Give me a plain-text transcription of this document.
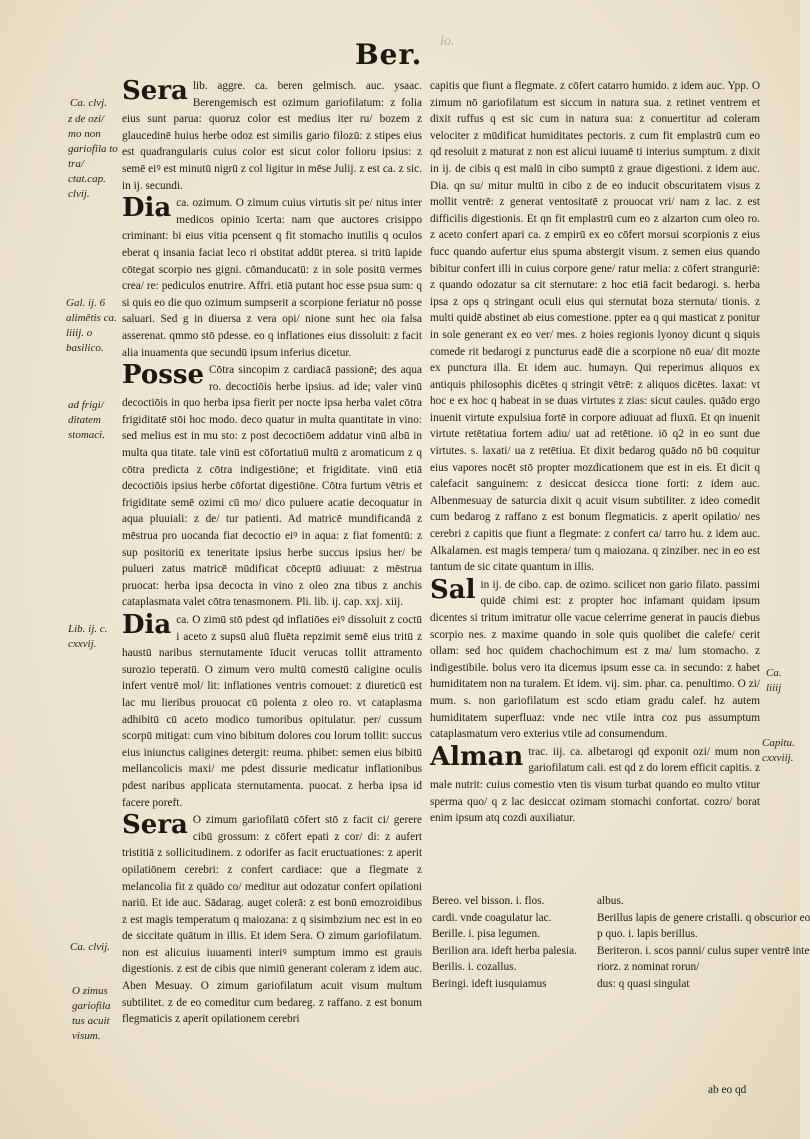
Ber. lo.
Ca. clvj.
z de ozi/ mo non gariofila to tra/ ctat.cap. clvij.
Gal. ij. 6 alimētis ca. liiij. o basilico.
ad frigi/ ditatem stomaci.
Lib. ij. c. cxxvij.
Ca. clvij.
O zimus gariofila tus acuit visum.
Ca. liiij
Capitu. cxxviij.

Sera lib. aggre. ca. beren gelmisch. auc. ysaac. Berengemisch est ozimum gariofilatum: z folia eius sunt parua: quoruz color est medius iter ru/ bozem z glaucedinē huius herbe odoz est similis gario filozū: z stipes eius est quadrangularis cuius color est sicut color folioru ipsius: z semē eiꝰ est minutū nigrū z col ligitur in mēse Julij. z est ca. z sic. in ij. secundi.

Dia ca. ozimum. O zimum cuius virtutis sit pe/ nitus inter medicos opinio īcerta: nam que auctores crisippo criminant: bi eius vitia pcensent q fit stomacho inutilis q oculos eberat q insania faciat leco ri obstitat addūt pterea. si tritū lapide cōtegat scorpio nes gigni. cōmanducatū: z in sole positū vermes crea/ re: pediculos enutrire. Affri. etiā putant hoc esse psua sum: q si quis eo die quo ozimum sumpserit a scorpione feriatur nō posse saluari. Sed g in diuersa z vera opi/ nione sunt hec oia falsa asserenat. qmmo stō pdesse. eo q inflationes eius dissoluit: z facit alia inuamenta que secundū ipsum inferius dicetur.

Posse Cōtra sincopim z cardiacā passionē; des aqua ro. decoctiōis herbe ipsius. ad ide; valer vinū decoctiōis in quo herba ipsa fierit per nocte ipsa herba valet cōtra frigiditatē stōi hoc modo. deco quatur in multa quantitate in vino: sed melius est in mu sto: z post decoctiōem addatur vinū albū in multa qua titate. tale vinū est cōfortatiuū multū z aromaticum z q cōtra predicta z cōtra indigestiōne; et frigiditate. vinū etiā decoctiōis ipsius herbe cōfortat digestiōne. Cōtra furtum vētris et frigiditate semē ozimi cū mo/ dico puluere acatie decoquatur in aqua pluuiali: z de/ tur patienti. Ad matricē mundificandā z mēstrua pro uocanda fiat decoctio eiꝰ in aqua: z fiat fomentū: z sup positoriū ex teneritate ipsius herbe succus ipsius her/ be pulueri zatus matricē mūdificat cōceptū adiuuat: z mēstrua pruocat: herba ipsa decocta in vino z oleo zna tibus z anchis cataplasmata valet cōtra tenasmonem. Pli. lib. ij. cap. xxj. xiij.

Dia ca. O zimū stō pdest qd inflatiōes eiꝰ dissoluit z coctū i aceto z supsū aluū fluēta repzimit semē eius tritū z haustū naribus sternutamente īducit verucas tollit attramento surozio teperatū. O zimum vero multū comestū caligine oculis infert ventrē mol/ lit: inflationes ventris comouet: z diureticū est lac mu lieribus prouocat cū polenta z oleo ro. vt cataplasma adhibitū cū aceto modico tumoribus opitulatur. per/ cussum scorpū mitigat: cum vino bibitum dolores cou lorum tollit: succus eius iniunctus caligines detergit: reuma. phibet: semen eius bibitū mellancolicis maxi/ me pdest dissurie medicatur inflationibus pdest naribus applicata sternutamenta. puocat. z herba ipsa id facere poreft.

Sera O zimum gariofilatū cōfert stō z facit ci/ gerere cibū grossum: z cōfert epati z cor/ di: z aufert tristitiā z sollicitudinem. z odorifer as facit eructuationes: z aperit opilatiōnem cerebri: z confert cardiace: que a flegmate z melancolia fit z quādo co/ meditur aut odozatur confert opilationi nariū. Et ide auc. Sādarag. auget colerā: z est bonū emozroidibus z est magis temperatum q maiozana: z q sisimbzium nec est in eo de siccitate quātum in illis. Et idem Sera. O zimum gariofilatum. non est alicuius iuuamenti interiꝰ sumptum immo est grauis digestionis. z est de cibis que nimiū generant coleram z idem auc. Aben Mesuay. O zimum gariofilatum acuit visum multum subtilitet. z de eo comeditur cum bedareg. z raffano. z est bonum flegmaticis z aperit opilationem cerebri

capitis que fiunt a flegmate. z cōfert catarro humido. z idem auc. Ypp. O zimum nō gariofilatum est siccum in natura sua. z retinet ventrem et dixit ruffus q est sic cum in natura sua: z conuertitur ad coleram velociter z mūdificat humiditates pectoris. z cum fit emplastrū cum eo qd resoluit z maturat z non est alicui iuuamē ti interius sumptum. z dixit in ij. de cibis q est malū in cibo sumptū z graue digestioni. z idem auc. Dia. qn su/ mitur multū in cibo z de eo inducit obscuritatem visus z mollit ventrē: z generat ventositatē z prouocat vri/ nam z lac. z est difficilis digestionis. Et qn fit emplastrū cum eo z alzarton cum oleo ro. z aceto confert apari ca. z empirū ex eo cōfert morsui scorpionis z eius fucc quando aufertur eius spuma abstergit visum. z semen eius quando bibitur confert illi in cuius corpore gene/ ratur melia: z cōfert stranguriē: z quando odozatur sa cit sternutare: z hoc etiā facit bedarogi. s. herba ipsa z ops q stringant oculi eius qui sternutat boza sternuta/ tionis. z multi quidē abstinet ab eius comestione. ppter ea q qui masticat z ponitur in sole generant ex eo ver/ mes. z hoies regionis lyonoy dicunt q siquis comede rit bedarogi z puncturus eadē die a scorpione nō eua/ dit mozte ex punctura illa. Et idem auc. humayn. Qui reperimus aliquos ex antiquis philosophis dicētes q stringit vētrē: z aliquos dicētes. laxat: vt hoc e ex hoc q habeat in se duas virtutes z zias: sicut caules. quādo ergo inuenit virtute expulsiua fortē in corpore adiuuat ad fluxū. Et qn inuenit virtute retētatiua fortem adiu/ uat ad retētione. iō q2 in eo sunt due virtutes. s. laxati/ ua z retētiua. Et dixit bedarog quādo nō bū coquitur eius vapores nocēt stō propter mozdicationem que est in eis. Et dicit q calefacit sanguinem: z desiccat desicca tione forti: z idem auc. Albenmesuay de saturcia dixit q acuit visum subtiliter. z ideo comedit cum bedarog z raffano z est bonum flegmaticis. z aperit opilatio/ nes cerebri z capitis que fiunt a flegmate: z confert ca/ tarro hu. z idem auc. Alkalamen. est magis tempera/ tum q maiozana. q zinziber. nec in eo est tantum de sic citate quantum in illis.

Sal in ij. de cibo. cap. de ozimo. scilicet non gario filato. passimi quidē chimi est: z propter hoc infamant quidam ipsum dicentes si tritum imitratur olle vacue celerrime generat in paucis diebus scorpio nes. z maxime quando in sole quis quolibet die calefe/ cerit ollam: sed hoc quidem chachochimum est z ma/ lum stomacho. z indigestibile. bolus vero ita dicemus ipsum esse ca. in secundo: z habet humiditatem non na turalem. Et idem. vij. sim. phar. ca. penultimo. O zi/ mum. s. non gariofilatum est scdo etiam gradu calef. hz autem humiditatem superfluaz: vnde nec vtile intra coz pus assumptum cataplasmatum vero exterius vtile ad consumendum.

Alman trac. iij. ca. albetarogi qd exponit ozi/ mum non gariofilatum cali. est qd z do lorem efficit capitis. z male nutrit: cuius comestio vten tis visum turbat quando eo multo vtitur sperma quo/ q z lac desiccat ozimam stomachi confortat. cozro/ borat enim ipsum atq cozdi auxiliatur.

Bereo. vel bisson. i. flos.	albus.
cardi. vnde coagulatur lac.	Berillus lapis de genere cristalli. q obscurior eo
Berille. i. pisa legumen.	p quo. i. lapis berillus.
Berilion ara. ideft herba palesia.	Beriteron. i. scos panni/ culus super ventrē inte
Berilis. i. cozallus.	riorz. z nominat rorun/
Beringi. ideft iusquiamus	dus: q quasi singulat
ab eo qd
